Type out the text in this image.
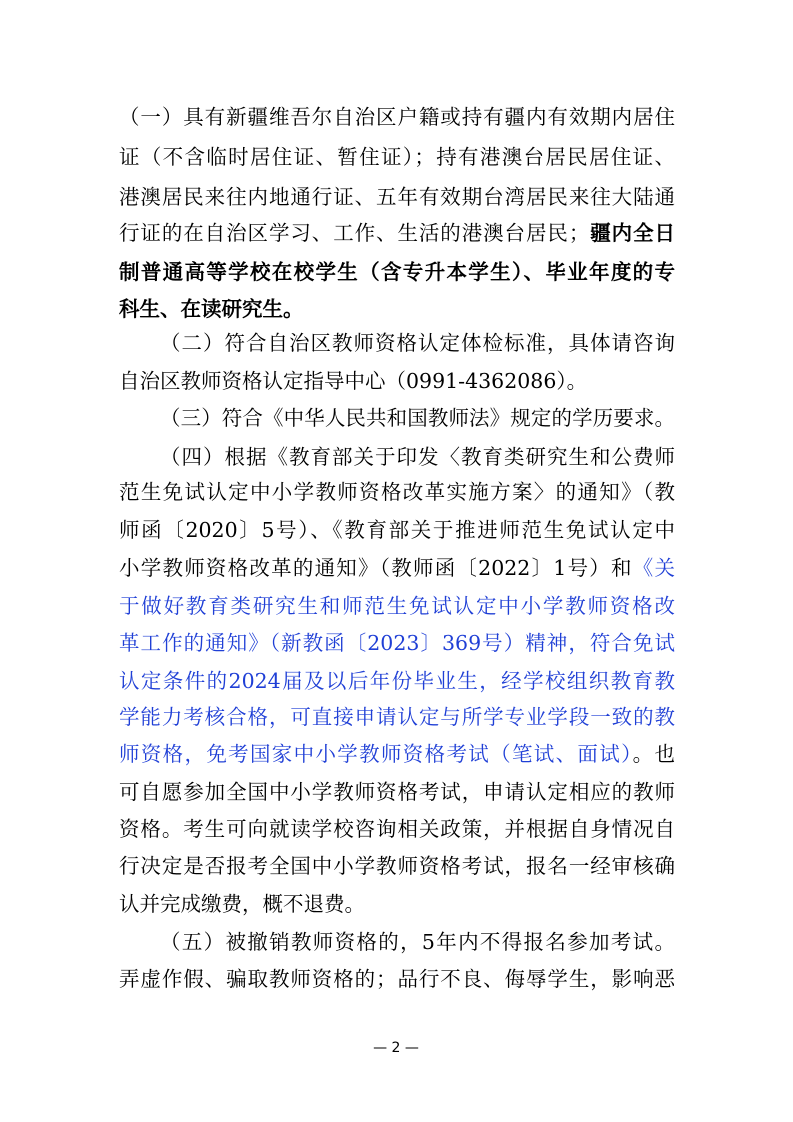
（一）具有新疆维吾尔自治区户籍或持有疆内有效期内居住
证（不含临时居住证、暂住证）；持有港澳台居民居住证、
港澳居民来往内地通行证、五年有效期台湾居民来往大陆通
行证的在自治区学习、工作、生活的港澳台居民；疆内全日
制普通高等学校在校学生（含专升本学生）、毕业年度的专
科生、在读研究生。
（二）符合自治区教师资格认定体检标准，具体请咨询
自治区教师资格认定指导中心（0991-4362086）。
（三）符合《中华人民共和国教师法》规定的学历要求。
（四）根据《教育部关于印发〈教育类研究生和公费师
范生免试认定中小学教师资格改革实施方案〉的通知》（教
师函〔2020〕5号）、《教育部关于推进师范生免试认定中
小学教师资格改革的通知》（教师函〔2022〕1号）和《关
于做好教育类研究生和师范生免试认定中小学教师资格改
革工作的通知》（新教函〔2023〕369号）精神，符合免试
认定条件的2024届及以后年份毕业生，经学校组织教育教
学能力考核合格，可直接申请认定与所学专业学段一致的教
师资格，免考国家中小学教师资格考试（笔试、面试）。也
可自愿参加全国中小学教师资格考试，申请认定相应的教师
资格。考生可向就读学校咨询相关政策，并根据自身情况自
行决定是否报考全国中小学教师资格考试，报名一经审核确
认并完成缴费，概不退费。
（五）被撤销教师资格的，5年内不得报名参加考试。
弄虚作假、骗取教师资格的；品行不良、侮辱学生，影响恶
— 2 —
